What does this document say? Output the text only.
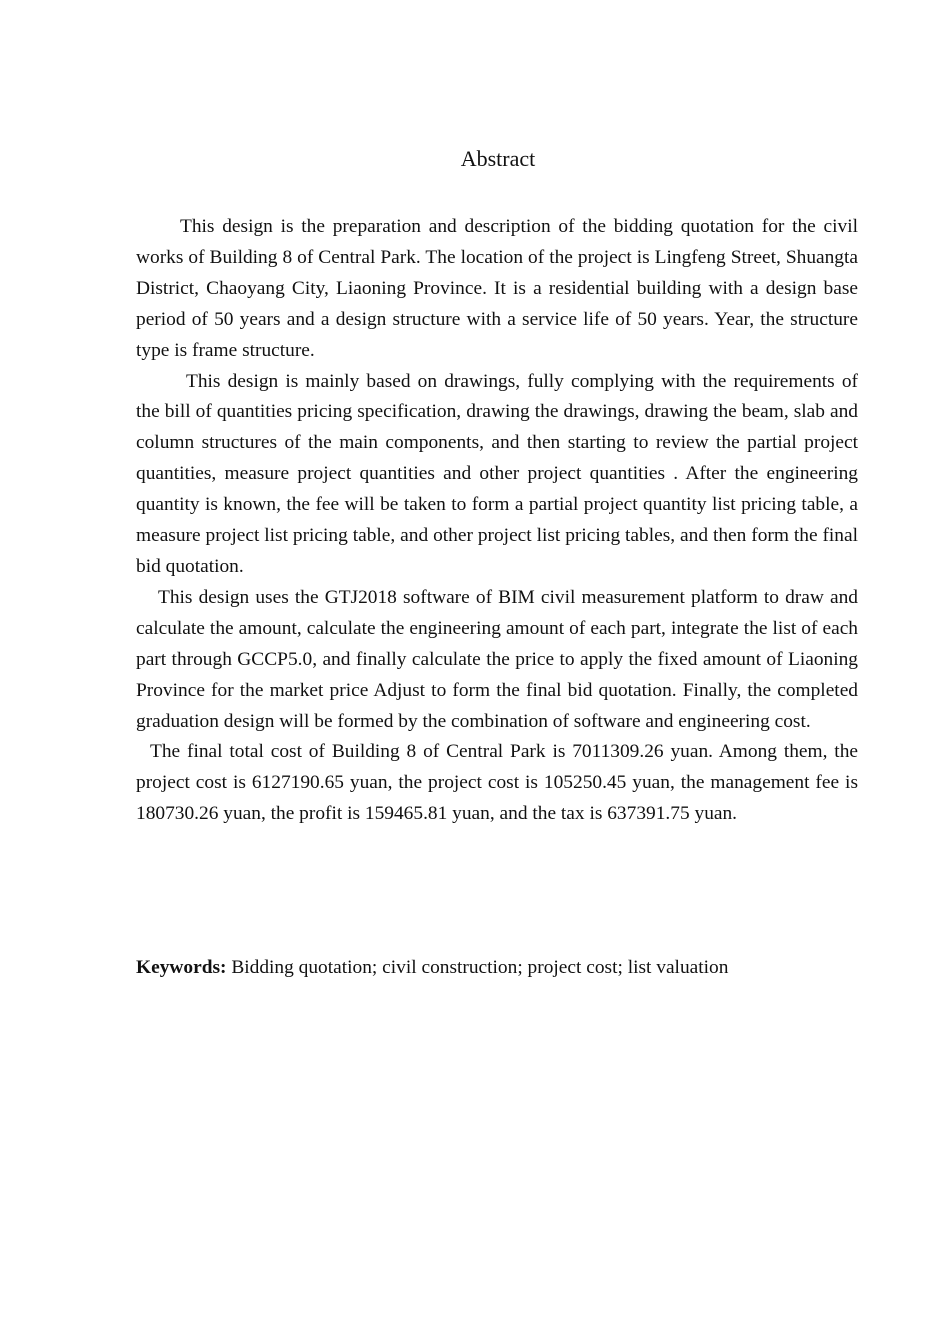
Abstract

This design is the preparation and description of the bidding quotation for the civil works of Building 8 of Central Park. The location of the project is Lingfeng Street, Shuangta District, Chaoyang City, Liaoning Province. It is a residential building with a design base period of 50 years and a design structure with a service life of 50 years. Year, the structure type is frame structure.

This design is mainly based on drawings, fully complying with the requirements of the bill of quantities pricing specification, drawing the drawings, drawing the beam, slab and column structures of the main components, and then starting to review the partial project quantities, measure project quantities and other project quantities . After the engineering quantity is known, the fee will be taken to form a partial project quantity list pricing table, a measure project list pricing table, and other project list pricing tables, and then form the final bid quotation.

This design uses the GTJ2018 software of BIM civil measurement platform to draw and calculate the amount, calculate the engineering amount of each part, integrate the list of each part through GCCP5.0, and finally calculate the price to apply the fixed amount of Liaoning Province for the market price Adjust to form the final bid quotation. Finally, the completed graduation design will be formed by the combination of software and engineering cost.

The final total cost of Building 8 of Central Park is 7011309.26 yuan. Among them, the project cost is 6127190.65 yuan, the project cost is 105250.45 yuan, the management fee is 180730.26 yuan, the profit is 159465.81 yuan, and the tax is 637391.75 yuan.

Keywords: Bidding quotation; civil construction; project cost; list valuation
